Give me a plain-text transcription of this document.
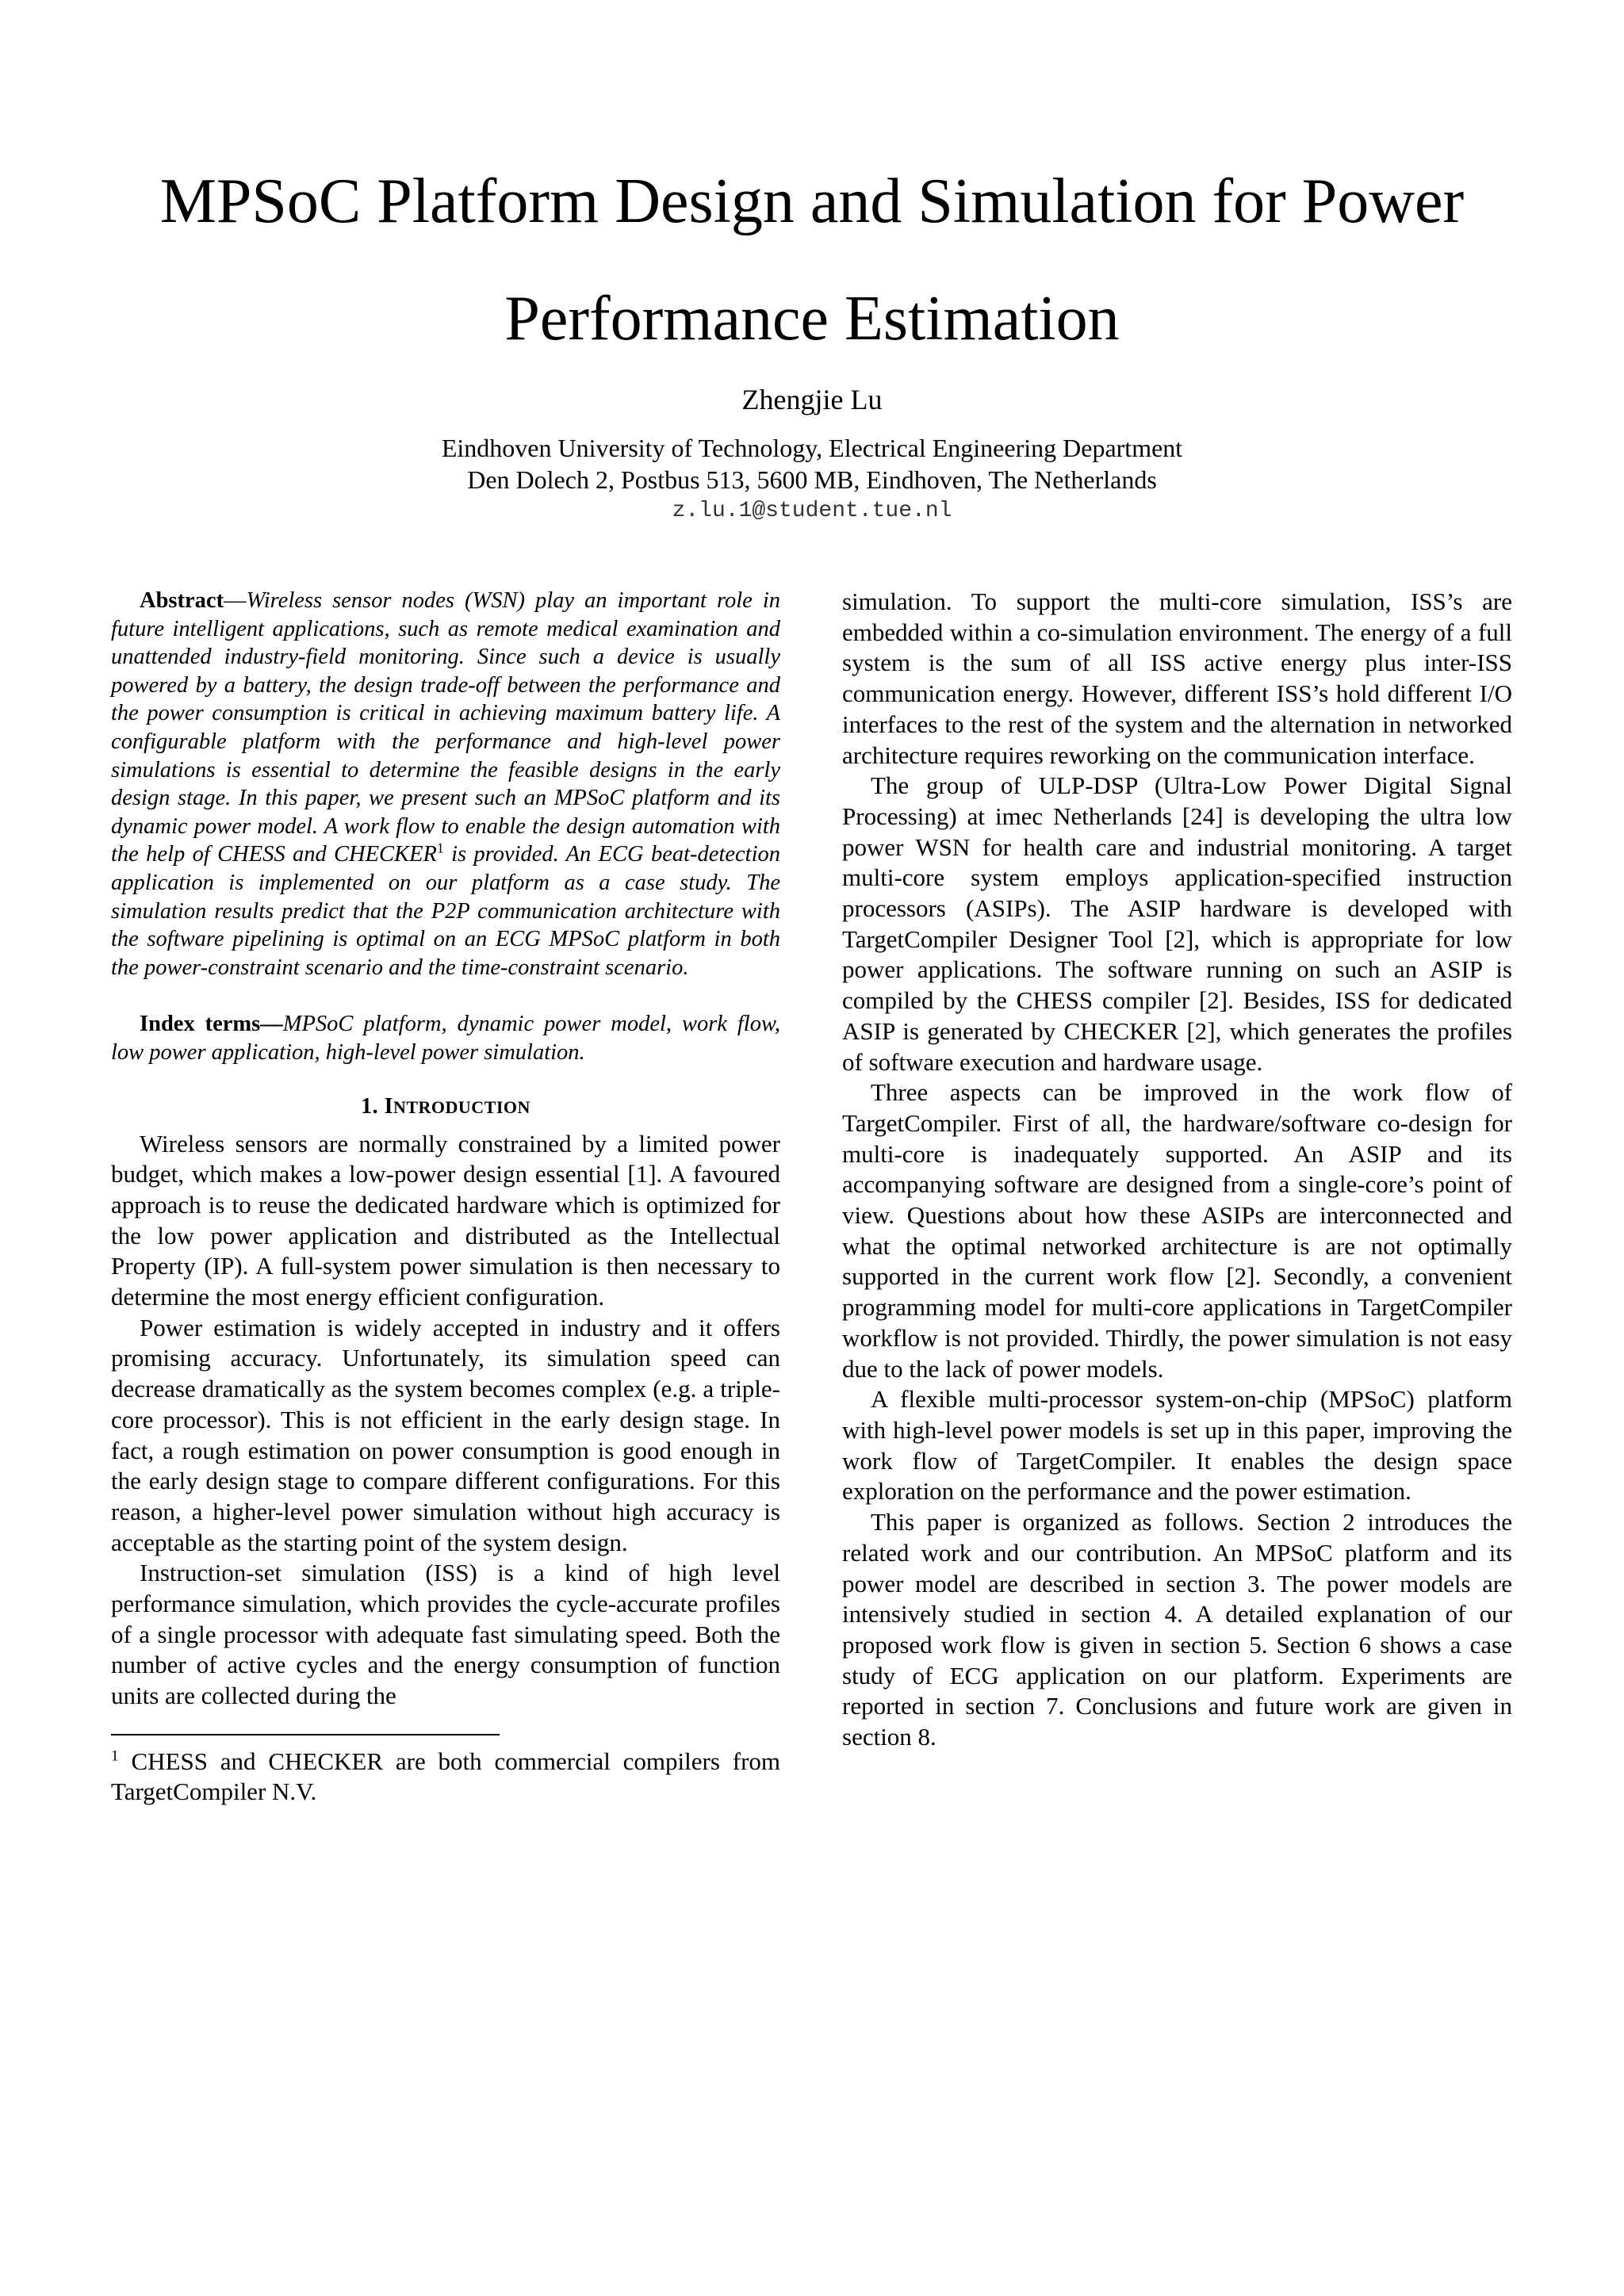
MPSoC Platform Design and Simulation for Power
Performance Estimation
Zhengjie Lu
Eindhoven University of Technology, Electrical Engineering Department
Den Dolech 2, Postbus 513, 5600 MB, Eindhoven, The Netherlands
z.lu.1@student.tue.nl

Abstract—Wireless sensor nodes (WSN) play an important role in future intelligent applications, such as remote medical examination and unattended industry-field monitoring. Since such a device is usually powered by a battery, the design trade-off between the performance and the power consumption is critical in achieving maximum battery life. A configurable platform with the performance and high-level power simulations is essential to determine the feasible designs in the early design stage. In this paper, we present such an MPSoC platform and its dynamic power model. A work flow to enable the design automation with the help of CHESS and CHECKER$^1$ is provided. An ECG beat-detection application is implemented on our platform as a case study. The simulation results predict that the P2P communication architecture with the software pipelining is optimal on an ECG MPSoC platform in both the power-constraint scenario and the time-constraint scenario.

Index terms—MPSoC platform, dynamic power model, work flow, low power application, high-level power simulation.

1. INTRODUCTION

Wireless sensors are normally constrained by a limited power budget, which makes a low-power design essential [1]. A favoured approach is to reuse the dedicated hardware which is optimized for the low power application and distributed as the Intellectual Property (IP). A full-system power simulation is then necessary to determine the most energy efficient configuration.

Power estimation is widely accepted in industry and it offers promising accuracy. Unfortunately, its simulation speed can decrease dramatically as the system becomes complex (e.g. a triple-core processor). This is not efficient in the early design stage. In fact, a rough estimation on power consumption is good enough in the early design stage to compare different configurations. For this reason, a higher-level power simulation without high accuracy is acceptable as the starting point of the system design.

Instruction-set simulation (ISS) is a kind of high level performance simulation, which provides the cycle-accurate profiles of a single processor with adequate fast simulating speed. Both the number of active cycles and the energy consumption of function units are collected during the

$^1$ CHESS and CHECKER are both commercial compilers from TargetCompiler N.V.

simulation. To support the multi-core simulation, ISS’s are embedded within a co-simulation environment. The energy of a full system is the sum of all ISS active energy plus inter-ISS communication energy. However, different ISS’s hold different I/O interfaces to the rest of the system and the alternation in networked architecture requires reworking on the communication interface.

The group of ULP-DSP (Ultra-Low Power Digital Signal Processing) at imec Netherlands [24] is developing the ultra low power WSN for health care and industrial monitoring. A target multi-core system employs application-specified instruction processors (ASIPs). The ASIP hardware is developed with TargetCompiler Designer Tool [2], which is appropriate for low power applications. The software running on such an ASIP is compiled by the CHESS compiler [2]. Besides, ISS for dedicated ASIP is generated by CHECKER [2], which generates the profiles of software execution and hardware usage.

Three aspects can be improved in the work flow of TargetCompiler. First of all, the hardware/software co-design for multi-core is inadequately supported. An ASIP and its accompanying software are designed from a single-core’s point of view. Questions about how these ASIPs are interconnected and what the optimal networked architecture is are not optimally supported in the current work flow [2]. Secondly, a convenient programming model for multi-core applications in TargetCompiler workflow is not provided. Thirdly, the power simulation is not easy due to the lack of power models.

A flexible multi-processor system-on-chip (MPSoC) platform with high-level power models is set up in this paper, improving the work flow of TargetCompiler. It enables the design space exploration on the performance and the power estimation.

This paper is organized as follows. Section 2 introduces the related work and our contribution. An MPSoC platform and its power model are described in section 3. The power models are intensively studied in section 4. A detailed explanation of our proposed work flow is given in section 5. Section 6 shows a case study of ECG application on our platform. Experiments are reported in section 7. Conclusions and future work are given in section 8.
